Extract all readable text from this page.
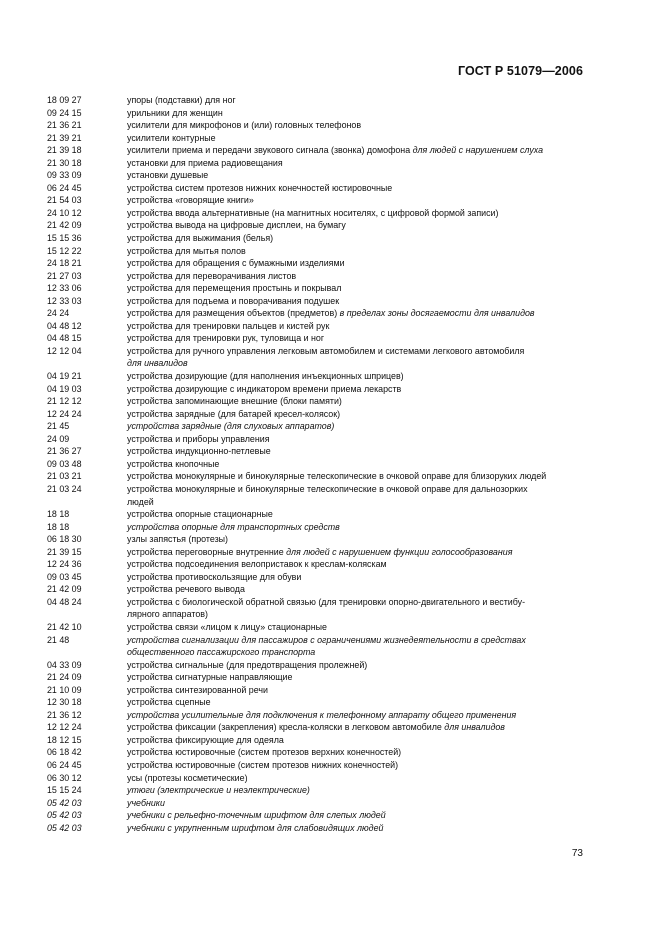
ГОСТ Р 51079—2006
18 09 27	упоры (подставки) для ног
09 24 15	урильники для женщин
21 36 21	усилители для микрофонов и (или) головных телефонов
21 39 21	усилители контурные
21 39 18	усилители приема и передачи звукового сигнала (звонка) домофона для людей с нарушением слуха
21 30 18	установки для приема радиовещания
09 33 09	установки душевые
06 24 45	устройства систем протезов нижних конечностей юстировочные
21 54 03	устройства «говорящие книги»
24 10 12	устройства ввода альтернативные (на магнитных носителях, с цифровой формой записи)
21 42 09	устройства вывода на цифровые дисплеи, на бумагу
15 15 36	устройства для выжимания (белья)
15 12 22	устройства для мытья полов
24 18 21	устройства для обращения с бумажными изделиями
21 27 03	устройства для переворачивания листов
12 33 06	устройства для перемещения простынь и покрывал
12 33 03	устройства для подъема и поворачивания подушек
24 24	устройства для размещения объектов (предметов) в пределах зоны досягаемости для инвалидов
04 48 12	устройства для тренировки пальцев и кистей рук
04 48 15	устройства для тренировки рук, туловища и ног
12 12 04	устройства для ручного управления легковым автомобилем и системами легкового автомобиля
для инвалидов
04 19 21	устройства дозирующие (для наполнения инъекционных шприцев)
04 19 03	устройства дозирующие с индикатором времени приема лекарств
21 12 12	устройства запоминающие внешние (блоки памяти)
12 24 24	устройства зарядные (для батарей кресел-колясок)
21 45	устройства зарядные (для слуховых аппаратов)
24 09	устройства и приборы управления
21 36 27	устройства индукционно-петлевые
09 03 48	устройства кнопочные
21 03 21	устройства монокулярные и бинокулярные телескопические в очковой оправе для близоруких людей
21 03 24	устройства монокулярные и бинокулярные телескопические в очковой оправе для дальнозорких
людей
18 18	устройства опорные стационарные
18 18	устройства опорные для транспортных средств
06 18 30	узлы запястья (протезы)
21 39 15	устройства переговорные внутренние для людей с нарушением функции голосообразования
12 24 36	устройства подсоединения велоприставок к креслам-коляскам
09 03 45	устройства противоскользящие для обуви
21 42 09	устройства речевого вывода
04 48 24	устройства с биологической обратной связью (для тренировки опорно-двигательного и вестибу-
лярного аппаратов)
21 42 10	устройства связи «лицом к лицу» стационарные
21 48	устройства сигнализации для пассажиров с ограничениями жизнедеятельности в средствах
общественного пассажирского транспорта
04 33 09	устройства сигнальные (для предотвращения пролежней)
21 24 09	устройства сигнатурные направляющие
21 10 09	устройства синтезированной речи
12 30 18	устройства сцепные
21 36 12	устройства усилительные для подключения к телефонному аппарату общего применения
12 12 24	устройства фиксации (закрепления) кресла-коляски в легковом автомобиле для инвалидов
18 12 15	устройства фиксирующие для одеяла
06 18 42	устройства юстировочные (систем протезов верхних конечностей)
06 24 45	устройства юстировочные (систем протезов нижних конечностей)
06 30 12	усы (протезы косметические)
15 15 24	утюги (электрические и неэлектрические)
05 42 03	учебники
05 42 03	учебники с рельефно-точечным шрифтом для слепых людей
05 42 03	учебники с укрупненным шрифтом для слабовидящих людей
73
